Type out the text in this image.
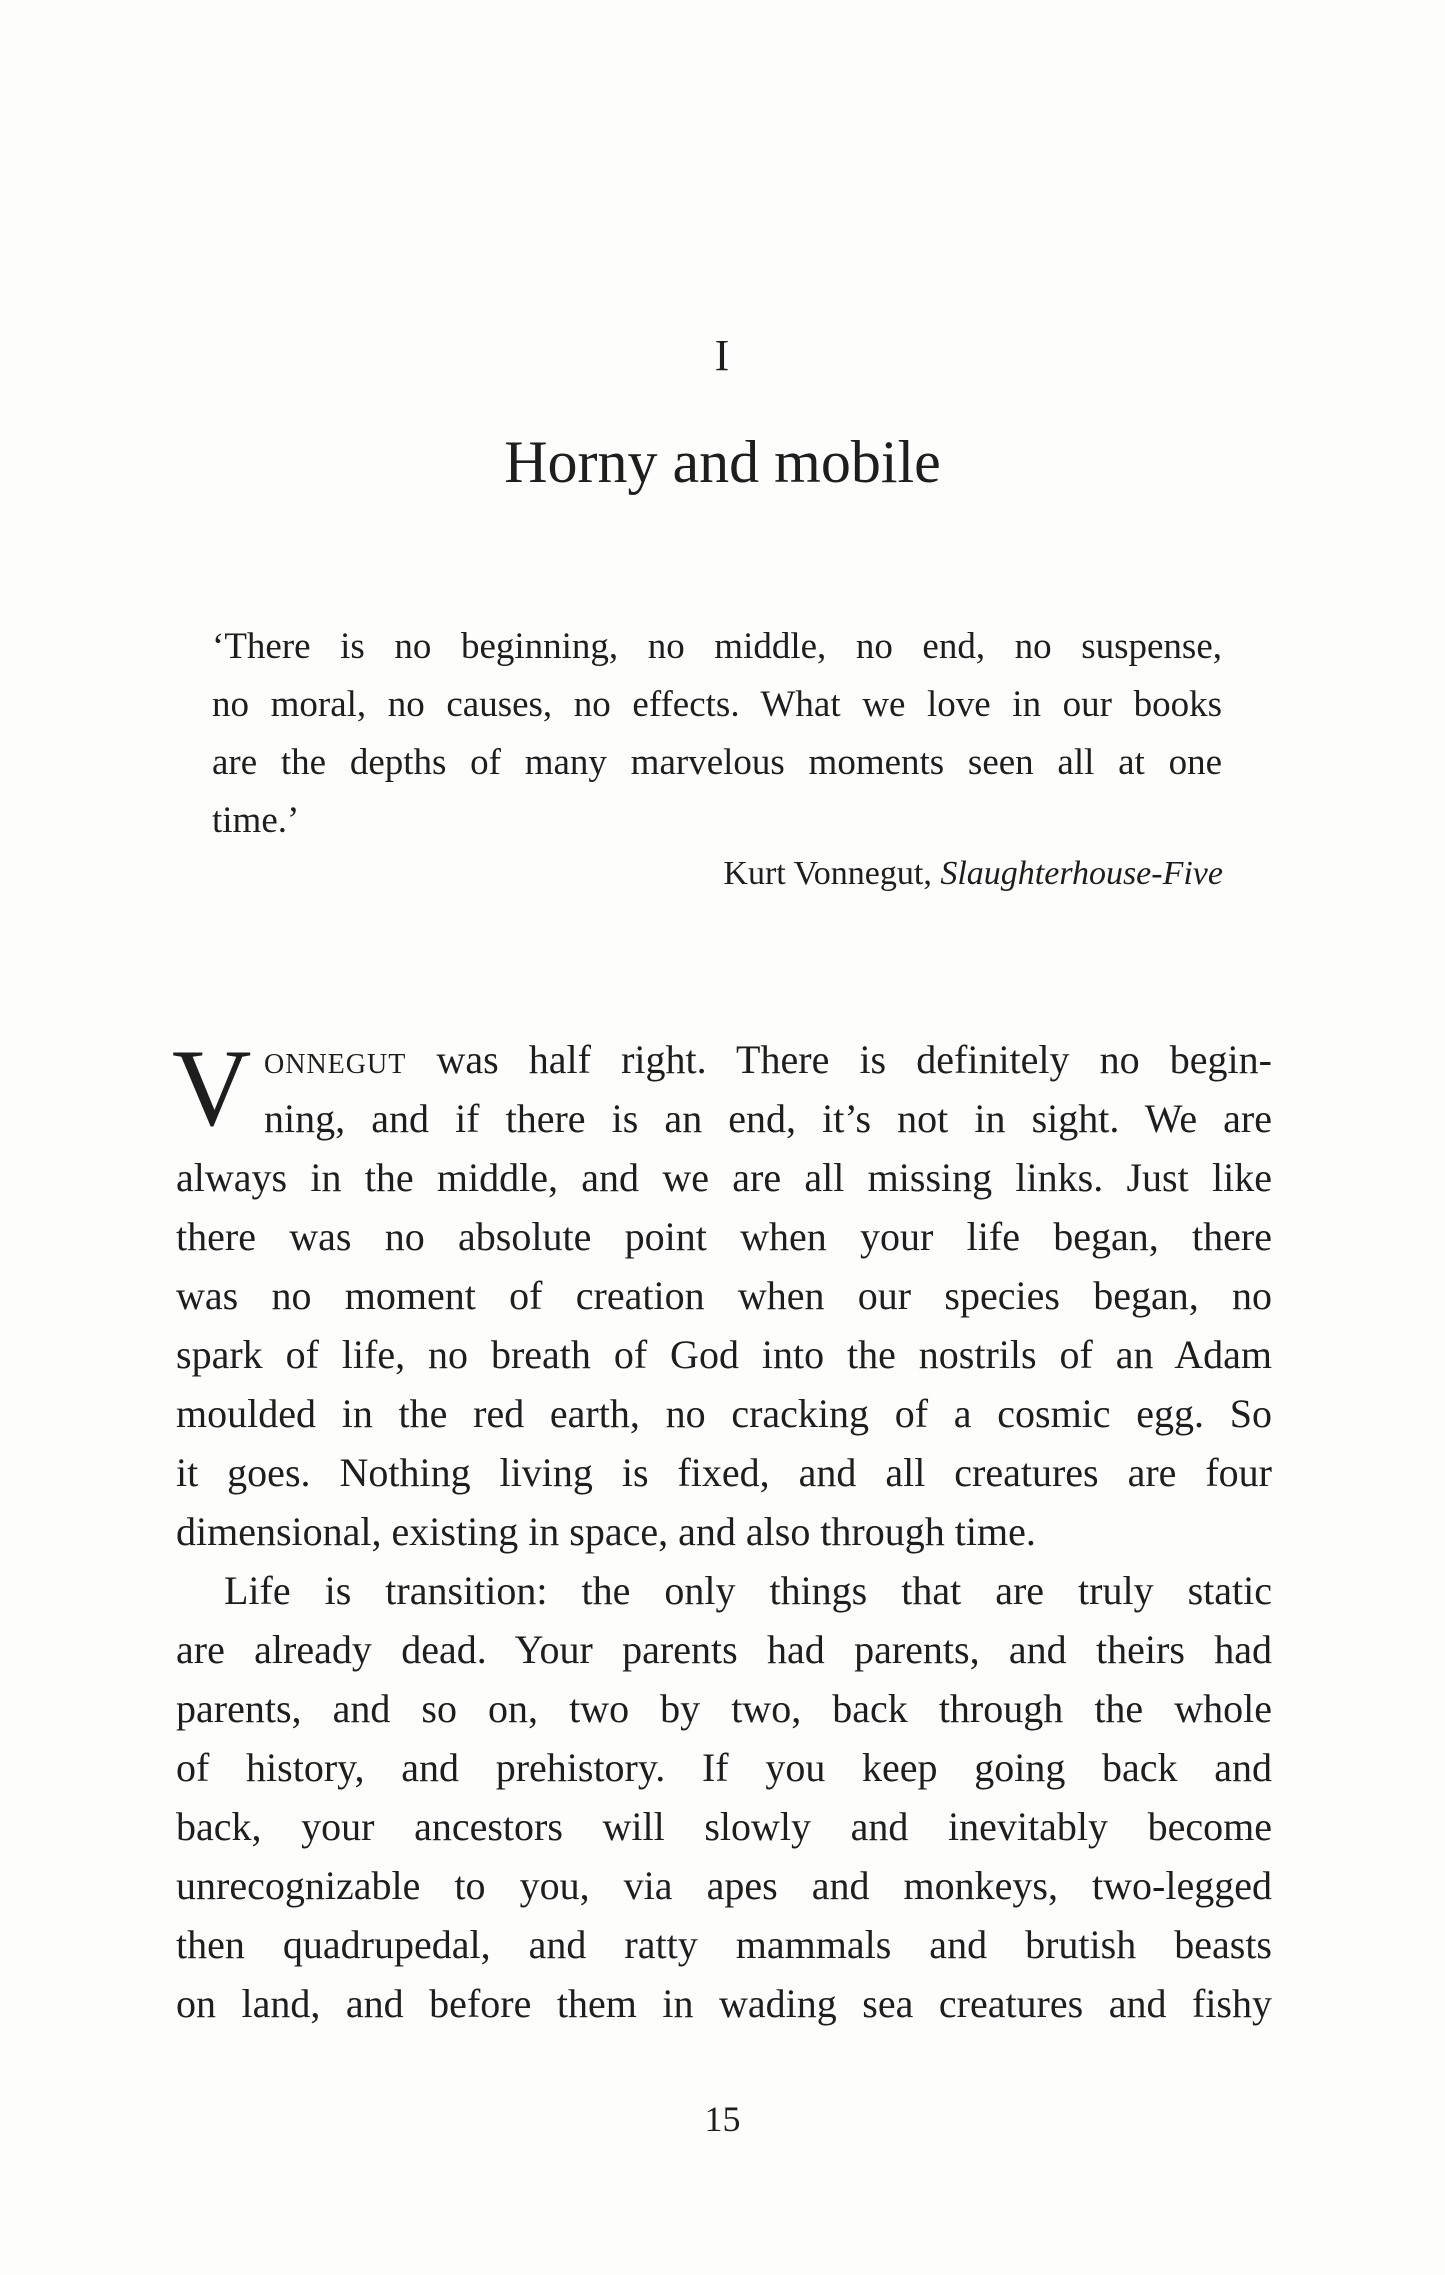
I
Horny and mobile
‘There is no beginning, no middle, no end, no suspense,
no moral, no causes, no effects. What we love in our books
are the depths of many marvelous moments seen all at one
time.’
Kurt Vonnegut, Slaughterhouse-Five
V onnegut was half right. There is definitely no begin-
ning, and if there is an end, it’s not in sight. We are
always in the middle, and we are all missing links. Just like
there was no absolute point when your life began, there
was no moment of creation when our species began, no
spark of life, no breath of God into the nostrils of an Adam
moulded in the red earth, no cracking of a cosmic egg. So
it goes. Nothing living is fixed, and all creatures are four
dimensional, existing in space, and also through time.
Life is transition: the only things that are truly static
are already dead. Your parents had parents, and theirs had
parents, and so on, two by two, back through the whole
of history, and prehistory. If you keep going back and
back, your ancestors will slowly and inevitably become
unrecognizable to you, via apes and monkeys, two-legged
then quadrupedal, and ratty mammals and brutish beasts
on land, and before them in wading sea creatures and fishy
15
